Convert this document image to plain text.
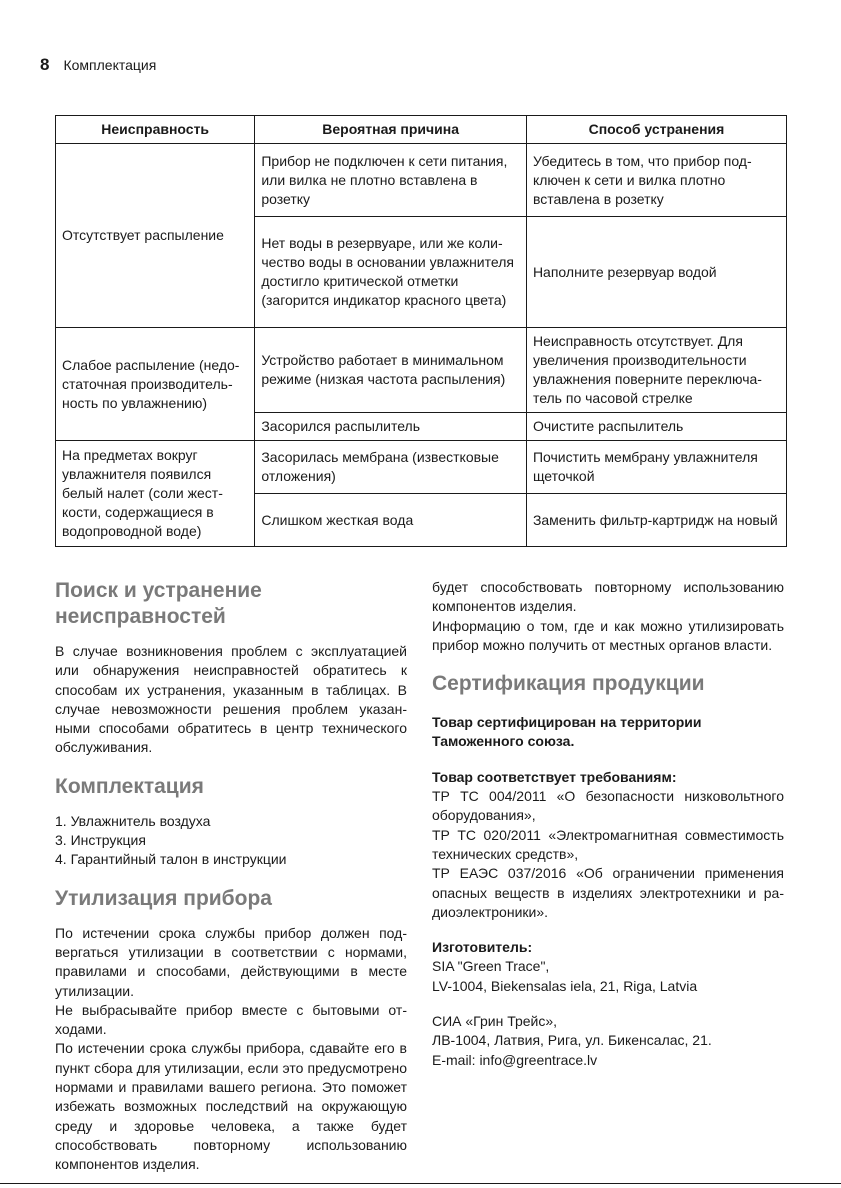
8 Комплектация
Неисправность	Вероятная причина	Способ устранения
Отсутствует распыление	Прибор не подключен к сети питания, или вилка не плотно вставлена в розетку	Убедитесь в том, что прибор подключен к сети и вилка плотно вставлена в розетку
	Нет воды в резервуаре, или же количество воды в основании увлажнителя достигло критической отметки (загорится индикатор красного цвета)	Наполните резервуар водой
Слабое распыление (недостаточная производительность по увлажнению)	Устройство работает в минимальном режиме (низкая частота распыления)	Неисправность отсутствует. Для увеличения производительности увлажнения поверните переключатель по часовой стрелке
	Засорился распылитель	Очистите распылитель
На предметах вокруг увлажнителя появился белый налет (соли жесткости, содержащиеся в водопроводной воде)	Засорилась мембрана (известковые отложения)	Почистить мембрану увлажнителя щеточкой
	Слишком жесткая вода	Заменить фильтр-картридж на новый
Поиск и устранение неисправностей

В случае возникновения проблем с эксплуатацией или обнаружения неисправностей обратитесь к способам их устранения, указанным в таблицах. В случае невозможности решения проблем указанными способами обратитесь в центр технического обслуживания.

Комплектация
1. Увлажнитель воздуха
3. Инструкция
4. Гарантийный талон в инструкции
Утилизация прибора

По истечении срока службы прибор должен подвергаться утилизации в соответствии с нормами, правилами и способами, действующими в месте утилизации.

Не выбрасывайте прибор вместе с бытовыми отходами.

По истечении срока службы прибора, сдавайте его в пункт сбора для утилизации, если это предусмотрено нормами и правилами вашего региона. Это поможет избежать возможных последствий на окружающую среду и здоровье человека, а также будет способствовать повторному использованию компонентов изделия.

будет способствовать повторному использованию компонентов изделия.

Информацию о том, где и как можно утилизировать прибор можно получить от местных органов власти.

Сертификация продукции

Товар сертифицирован на территории Таможенного союза.

Товар соответствует требованиям:

ТР ТС 004/2011 «О безопасности низковольтного оборудования»,

ТР ТС 020/2011 «Электромагнитная совместимость технических средств»,

ТР ЕАЭС 037/2016 «Об ограничении применения опасных веществ в изделиях электротехники и радиоэлектроники».

Изготовитель:

SIA "Green Trace",

LV-1004, Biekensalas iela, 21, Riga, Latvia

СИА «Грин Трейс»,

ЛВ-1004, Латвия, Рига, ул. Бикенсалас, 21.

E-mail: info@greentrace.lv
